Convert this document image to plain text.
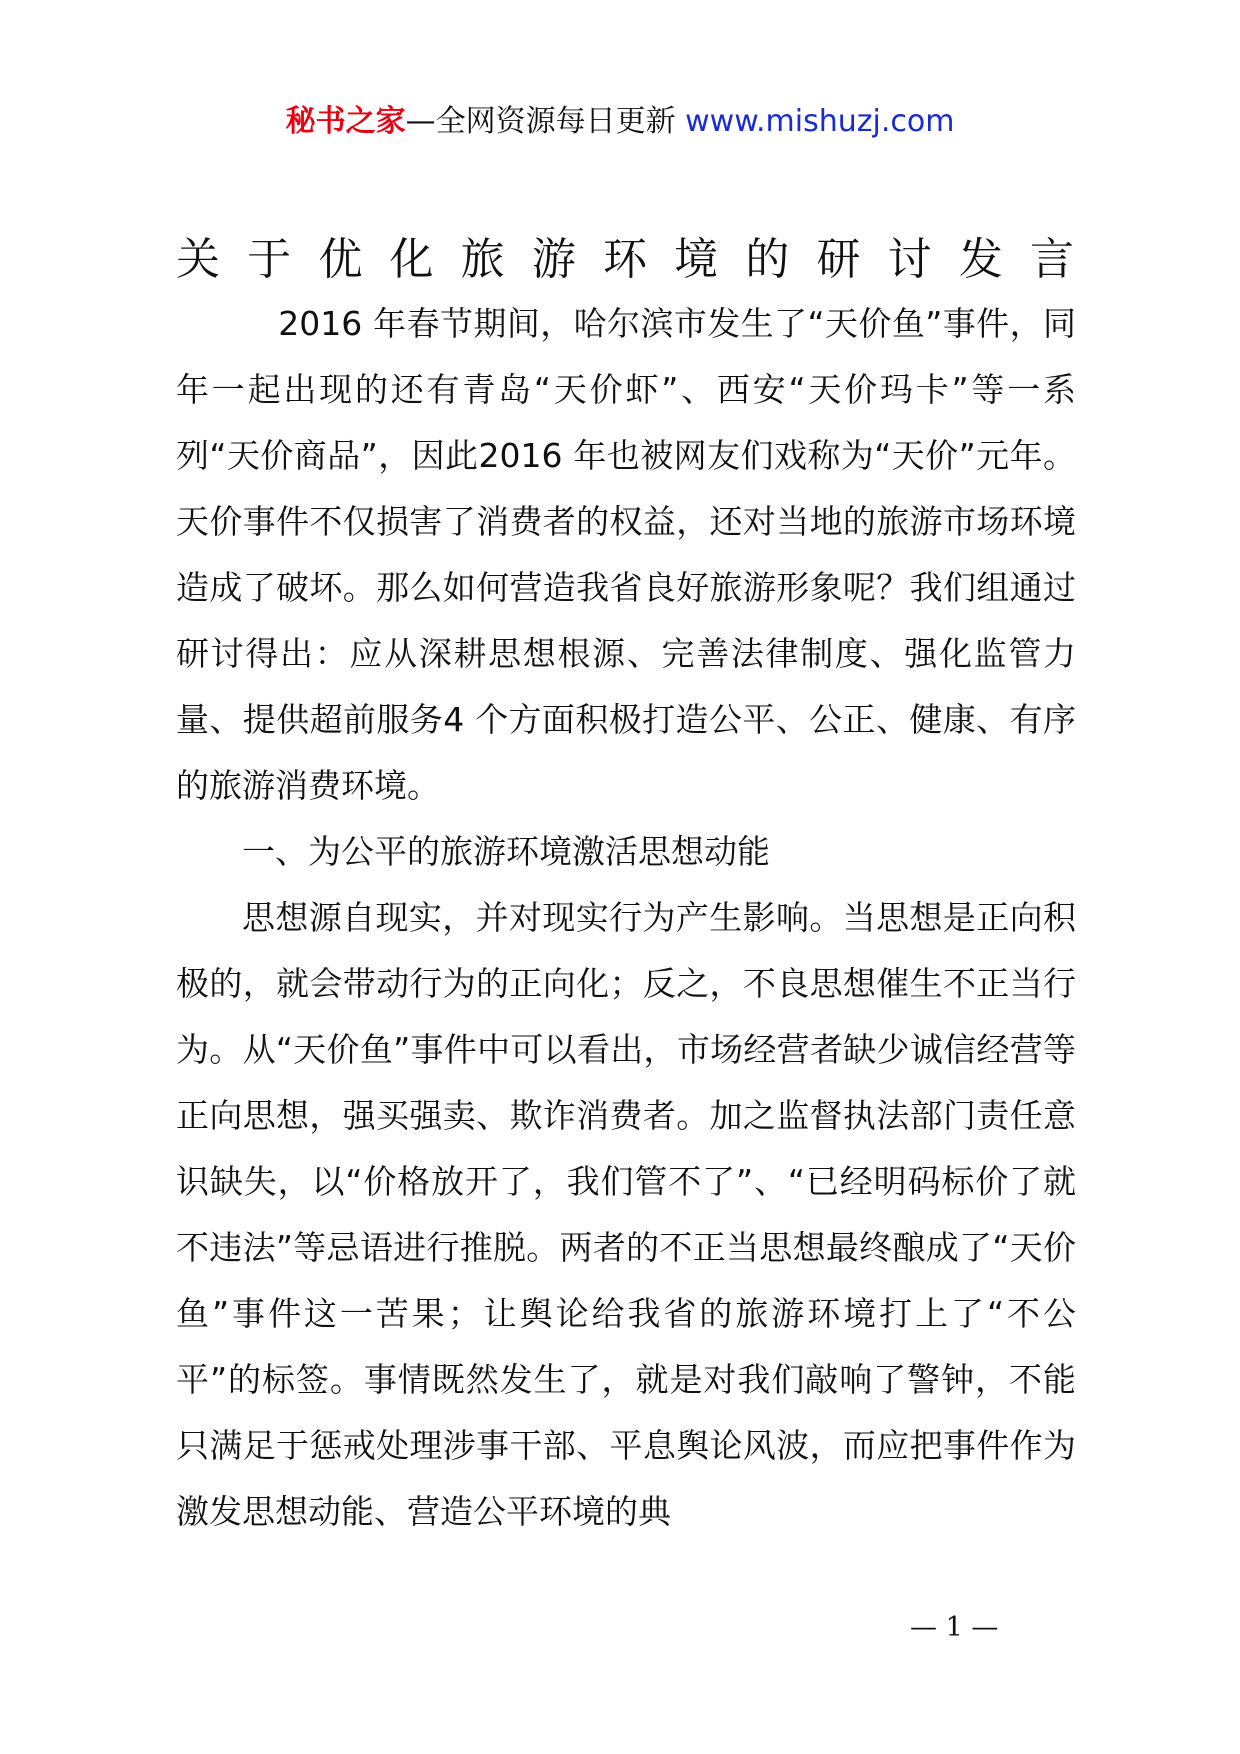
秘书之家—全网资源每日更新 www.mishuzj.com
关于优化旅游环境的研讨发言

2016 年春节期间，哈尔滨市发生了“天价鱼”事件，同年一起出现的还有青岛“天价虾”、西安“天价玛卡”等一系列“天价商品”，因此2016 年也被网友们戏称为“天价”元年。天价事件不仅损害了消费者的权益，还对当地的旅游市场环境造成了破坏。那么如何营造我省良好旅游形象呢？我们组通过研讨得出：应从深耕思想根源、完善法律制度、强化监管力量、提供超前服务4 个方面积极打造公平、公正、健康、有序的旅游消费环境。

一、为公平的旅游环境激活思想动能

思想源自现实，并对现实行为产生影响。当思想是正向积极的，就会带动行为的正向化；反之，不良思想催生不正当行为。从“天价鱼”事件中可以看出，市场经营者缺少诚信经营等正向思想，强买强卖、欺诈消费者。加之监督执法部门责任意识缺失，以“价格放开了，我们管不了”、“已经明码标价了就不违法”等忌语进行推脱。两者的不正当思想最终酿成了“天价鱼”事件这一苦果；让舆论给我省的旅游环境打上了“不公平”的标签。事情既然发生了，就是对我们敲响了警钟，不能只满足于惩戒处理涉事干部、平息舆论风波，而应把事件作为激发思想动能、营造公平环境的典

— 1 —
